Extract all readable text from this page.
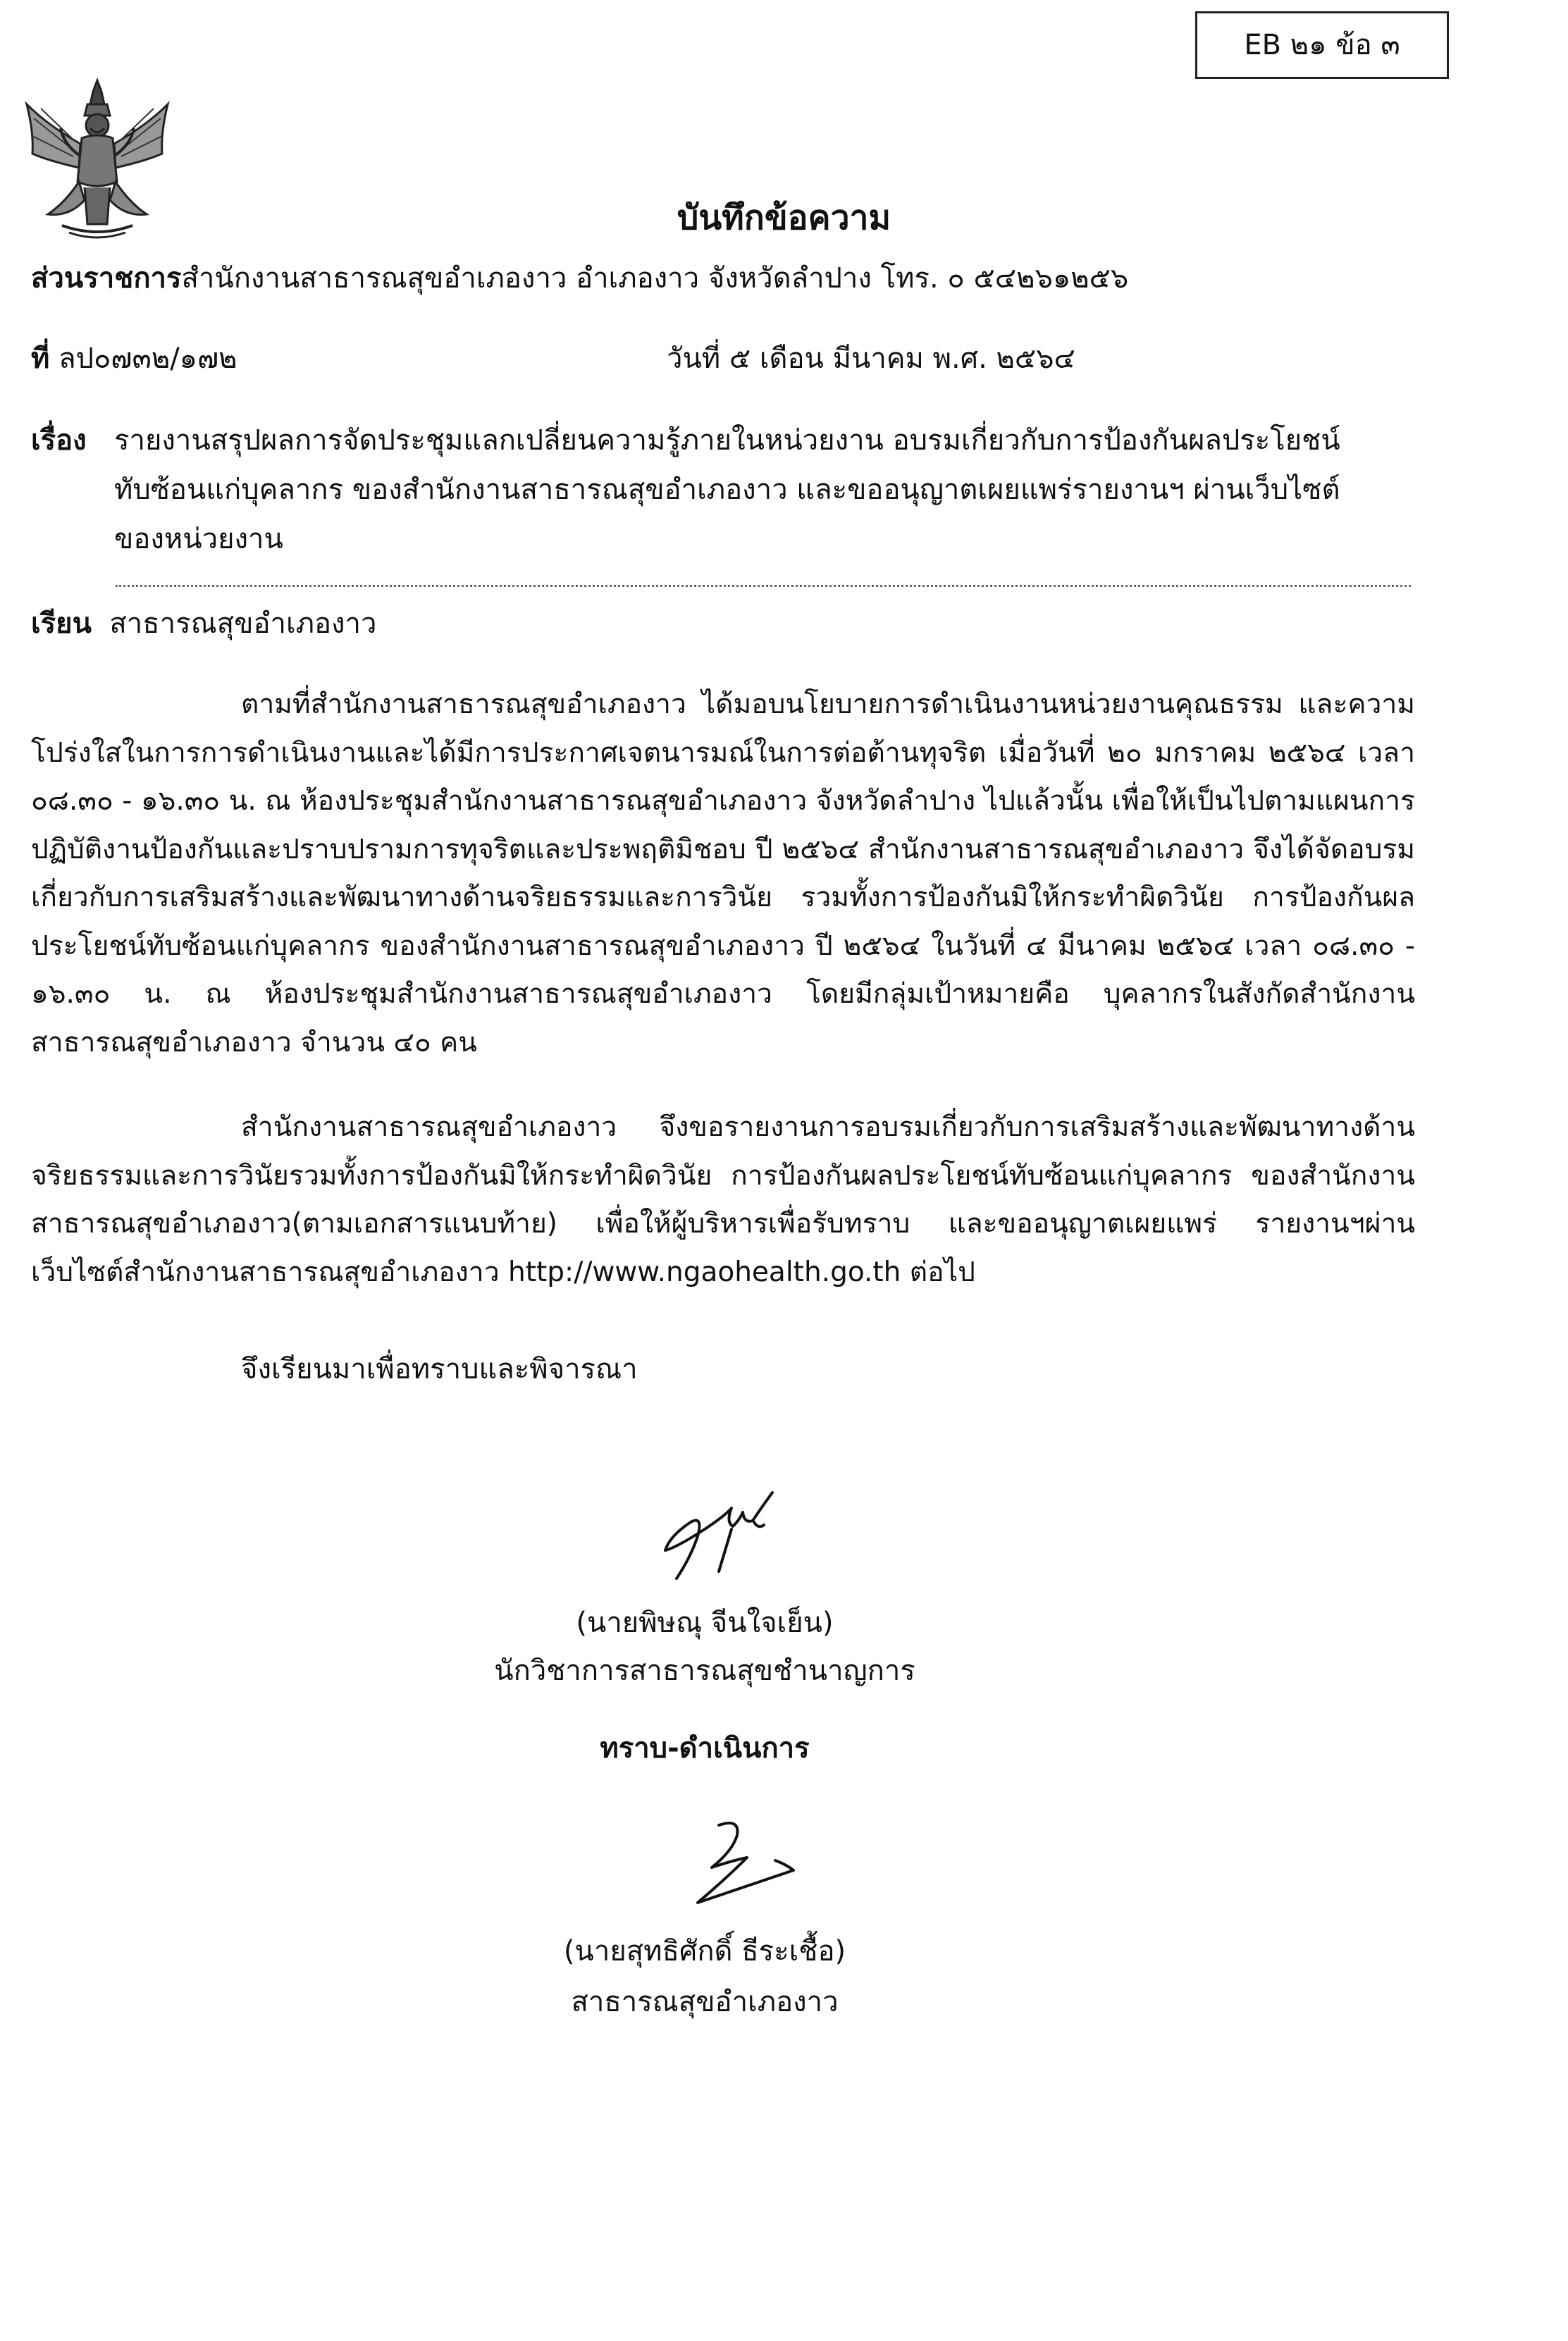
EB ๒๑ ข้อ ๓
บันทึกข้อความ
ส่วนราชการสำนักงานสาธารณสุขอำเภองาว อำเภองาว จังหวัดลำปาง โทร. ๐ ๕๔๒๖๑๒๕๖
ที่ ลป๐๗๓๒/๑๗๒	วันที่ ๕ เดือน มีนาคม พ.ศ. ๒๕๖๔
เรื่อง รายงานสรุปผลการจัดประชุมแลกเปลี่ยนความรู้ภายในหน่วยงาน อบรมเกี่ยวกับการป้องกันผลประโยชน์
ทับซ้อนแก่บุคลากร ของสำนักงานสาธารณสุขอำเภองาว และขออนุญาตเผยแพร่รายงานฯ ผ่านเว็บไซต์
ของหน่วยงาน
เรียน สาธารณสุขอำเภองาว

ตามที่สำนักงานสาธารณสุขอำเภองาว ได้มอบนโยบายการดำเนินงานหน่วยงานคุณธรรม และความโปร่งใสในการการดำเนินงานและได้มีการประกาศเจตนารมณ์ในการต่อต้านทุจริต เมื่อวันที่ ๒๐ มกราคม ๒๕๖๔ เวลา ๐๘.๓๐ - ๑๖.๓๐ น. ณ ห้องประชุมสำนักงานสาธารณสุขอำเภองาว จังหวัดลำปาง ไปแล้วนั้น เพื่อให้เป็นไปตามแผนการปฏิบัติงานป้องกันและปราบปรามการทุจริตและประพฤติมิชอบ ปี ๒๕๖๔ สำนักงานสาธารณสุขอำเภองาว จึงได้จัดอบรมเกี่ยวกับการเสริมสร้างและพัฒนาทางด้านจริยธรรมและการวินัย รวมทั้งการป้องกันมิให้กระทำผิดวินัย การป้องกันผลประโยชน์ทับซ้อนแก่บุคลากร ของสำนักงานสาธารณสุขอำเภองาว ปี ๒๕๖๔ ในวันที่ ๔ มีนาคม ๒๕๖๔ เวลา ๐๘.๓๐ - ๑๖.๓๐ น. ณ ห้องประชุมสำนักงานสาธารณสุขอำเภองาว โดยมีกลุ่มเป้าหมายคือ บุคลากรในสังกัดสำนักงานสาธารณสุขอำเภองาว จำนวน ๔๐ คน

สำนักงานสาธารณสุขอำเภองาว จึงขอรายงานการอบรมเกี่ยวกับการเสริมสร้างและพัฒนาทางด้านจริยธรรมและการวินัยรวมทั้งการป้องกันมิให้กระทำผิดวินัย การป้องกันผลประโยชน์ทับซ้อนแก่บุคลากร ของสำนักงานสาธารณสุขอำเภองาว(ตามเอกสารแนบท้าย) เพื่อให้ผู้บริหารเพื่อรับทราบ และขออนุญาตเผยแพร่ รายงานฯผ่านเว็บไซต์สำนักงานสาธารณสุขอำเภองาว http://www.ngaohealth.go.th ต่อไป

จึงเรียนมาเพื่อทราบและพิจารณา
(นายพิษณุ จีนใจเย็น)
นักวิชาการสาธารณสุขชำนาญการ
ทราบ-ดำเนินการ
(นายสุทธิศักดิ์ ธีระเชื้อ)
สาธารณสุขอำเภองาว
